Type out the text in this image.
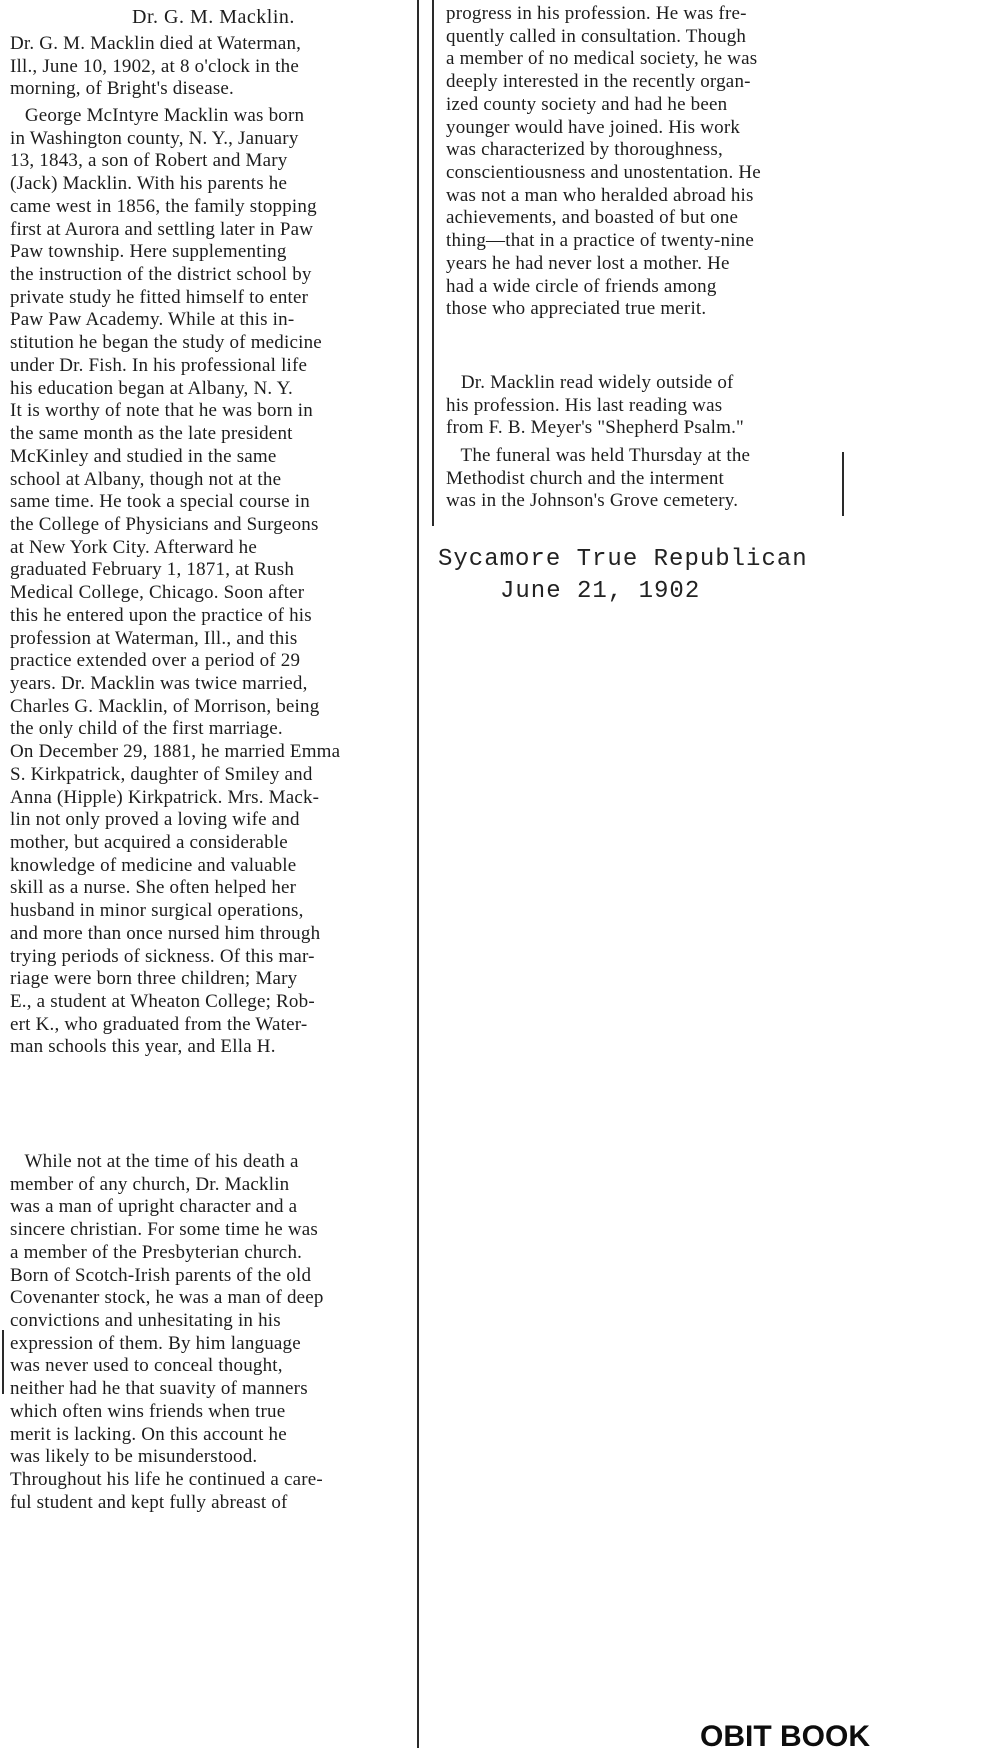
Dr. G. M. Macklin.

Dr. G. M. Macklin died at Waterman,
Ill., June 10, 1902, at 8 o'clock in the
morning, of Bright's disease.

George McIntyre Macklin was born
in Washington county, N. Y., January
13, 1843, a son of Robert and Mary
(Jack) Macklin. With his parents he
came west in 1856, the family stopping
first at Aurora and settling later in Paw
Paw township. Here supplementing
the instruction of the district school by
private study he fitted himself to enter
Paw Paw Academy. While at this in-
stitution he began the study of medicine
under Dr. Fish. In his professional life
his education began at Albany, N. Y.
It is worthy of note that he was born in
the same month as the late president
McKinley and studied in the same
school at Albany, though not at the
same time. He took a special course in
the College of Physicians and Surgeons
at New York City. Afterward he
graduated February 1, 1871, at Rush
Medical College, Chicago. Soon after
this he entered upon the practice of his
profession at Waterman, Ill., and this
practice extended over a period of 29
years. Dr. Macklin was twice married,
Charles G. Macklin, of Morrison, being
the only child of the first marriage.
On December 29, 1881, he married Emma
S. Kirkpatrick, daughter of Smiley and
Anna (Hipple) Kirkpatrick. Mrs. Mack-
lin not only proved a loving wife and
mother, but acquired a considerable
knowledge of medicine and valuable
skill as a nurse. She often helped her
husband in minor surgical operations,
and more than once nursed him through
trying periods of sickness. Of this mar-
riage were born three children; Mary
E., a student at Wheaton College; Rob-
ert K., who graduated from the Water-
man schools this year, and Ella H.

While not at the time of his death a
member of any church, Dr. Macklin
was a man of upright character and a
sincere christian. For some time he was
a member of the Presbyterian church.
Born of Scotch-Irish parents of the old
Covenanter stock, he was a man of deep
convictions and unhesitating in his
expression of them. By him language
was never used to conceal thought,
neither had he that suavity of manners
which often wins friends when true
merit is lacking. On this account he
was likely to be misunderstood.
Throughout his life he continued a care-
ful student and kept fully abreast of

progress in his profession. He was fre-
quently called in consultation. Though
a member of no medical society, he was
deeply interested in the recently organ-
ized county society and had he been
younger would have joined. His work
was characterized by thoroughness,
conscientiousness and unostentation. He
was not a man who heralded abroad his
achievements, and boasted of but one
thing—that in a practice of twenty-nine
years he had never lost a mother. He
had a wide circle of friends among
those who appreciated true merit.

Dr. Macklin read widely outside of
his profession. His last reading was
from F. B. Meyer's "Shepherd Psalm."

The funeral was held Thursday at the
Methodist church and the interment
was in the Johnson's Grove cemetery.

Sycamore True Republican

June 21, 1902

OBIT BOOK
